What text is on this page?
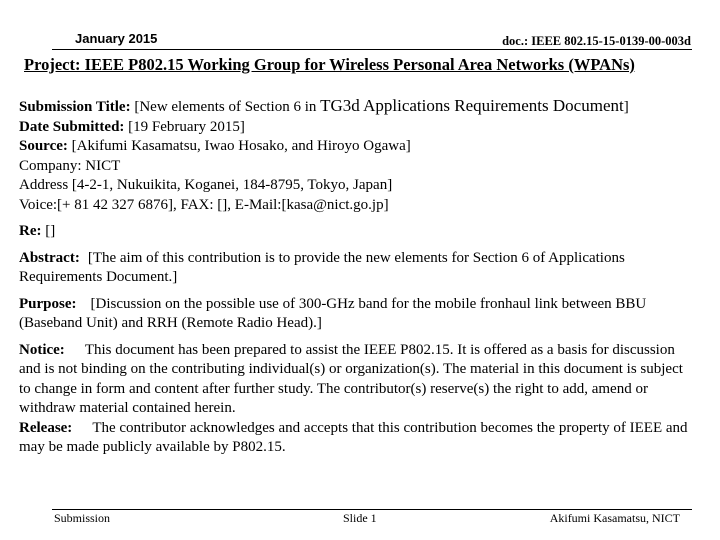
January 2015	doc.: IEEE 802.15-15-0139-00-003d
Project: IEEE P802.15 Working Group for Wireless Personal Area Networks (WPANs)

Submission Title: [New elements of Section 6 in TG3d Applications Requirements Document]

Date Submitted: [19 February 2015]

Source: [Akifumi Kasamatsu, Iwao Hosako, and Hiroyo Ogawa]

Company: NICT

Address [4-2-1, Nukuikita, Koganei, 184-8795, Tokyo, Japan]

Voice:[+ 81 42 327 6876], FAX: [], E-Mail:[kasa@nict.go.jp]

Re: []

Abstract: [The aim of this contribution is to provide the new elements for Section 6 of Applications Requirements Document.]

Purpose: [Discussion on the possible use of 300-GHz band for the mobile fronhaul link between BBU (Baseband Unit) and RRH (Remote Radio Head).]

Notice: This document has been prepared to assist the IEEE P802.15. It is offered as a basis for discussion and is not binding on the contributing individual(s) or organization(s). The material in this document is subject to change in form and content after further study. The contributor(s) reserve(s) the right to add, amend or withdraw material contained herein.

Release: The contributor acknowledges and accepts that this contribution becomes the property of IEEE and may be made publicly available by P802.15.

Submission	Slide 1	Akifumi Kasamatsu, NICT
